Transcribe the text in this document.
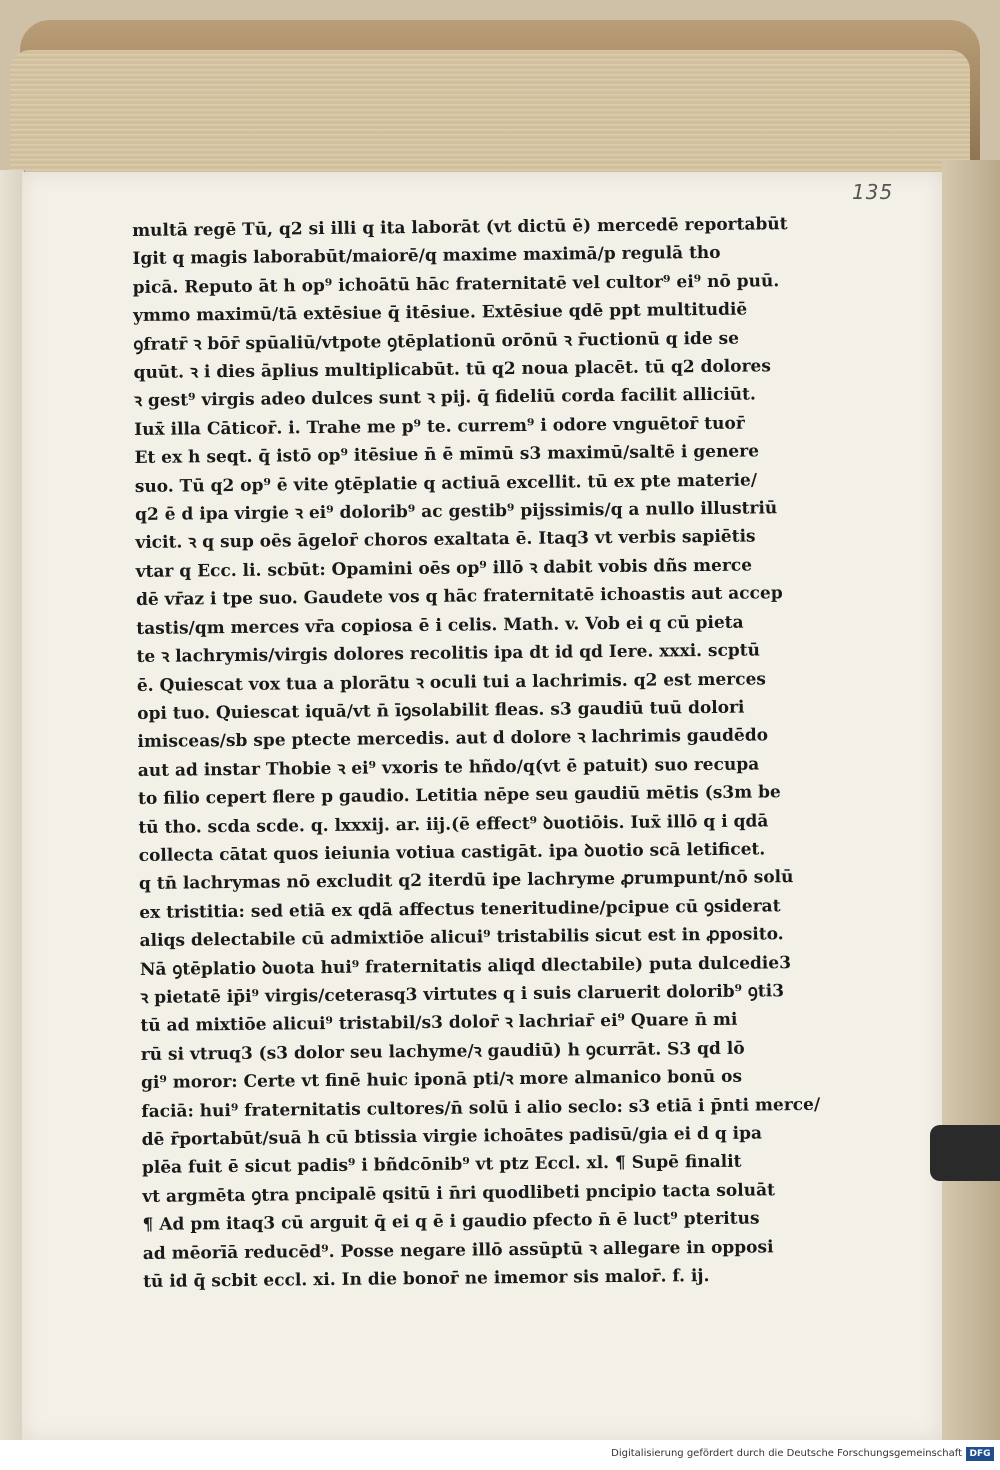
135
multā regē Tū, q2 si illi q ita laborāt (vt dictū ē) mercedē reportabūt
Igit q magis laborabūt/maiorē/q maxime maximā/p regulā tho
picā. Reputo āt h op⁹ ichoātū hāc fraternitatē vel cultor⁹ ei⁹ nō puū.
ymmo maximū/tā extēsiue q̄ itēsiue. Extēsiue qdē ppt multitudiē
ꝯfratr̄ ꝛ bōr̄ spūaliū/vtpote ꝯtēplationū orōnū ꝛ r̄uctionū q ide se
quūt. ꝛ i dies āplius multiplicabūt. tū q2 noua placēt. tū q2 dolores
ꝛ gest⁹ virgis adeo dulces sunt ꝛ pij. q̄ fideliū corda facilit alliciūt.
Iux̄ illa Cāticor̄. i. Trahe me p⁹ te. currem⁹ i odore vnguētor̄ tuor̄
Et ex h seqt. q̄ istō op⁹ itēsiue n̄ ē mīmū s3 maximū/saltē i genere
suo. Tū q2 op⁹ ē vite ꝯtēplatie q actiuā excellit. tū ex pte materie/
q2 ē d ipa virgie ꝛ ei⁹ dolorib⁹ ac gestib⁹ pijssimis/q a nullo illustriū
vicit. ꝛ q sup oēs āgelor̄ choros exaltata ē. Itaq3 vt verbis sapiētis
vtar q Ecc. li. scbūt: Opamini oēs op⁹ illō ꝛ dabit vobis dñs merce
dē vr̄az i tpe suo. Gaudete vos q hāc fraternitatē ichoastis aut accep
tastis/qm merces vr̄a copiosa ē i celis. Math. v. Vob ei q cū pieta
te ꝛ lachrymis/virgis dolores recolitis ipa dt id qd Iere. xxxi. scptū
ē. Quiescat vox tua a plorātu ꝛ oculi tui a lachrimis. q2 est merces
opi tuo. Quiescat iquā/vt n̄ īꝯsolabilit fleas. s3 gaudiū tuū dolori
imisceas/sb spe ptecte mercedis. aut d dolore ꝛ lachrimis gaudēdo
aut ad instar Thobie ꝛ ei⁹ vxoris te hñdo/q(vt ē patuit) suo recupa
to filio cepert flere p gaudio. Letitia nēpe seu gaudiū mētis (s3m be
tū tho. scda scde. q. lxxxij. ar. iij.(ē effect⁹ ꝺuotiōis. Iux̄ illō q i qdā
collecta cātat quos ieiunia votiua castigāt. ipa ꝺuotio scā letificet.
q tn̄ lachrymas nō excludit q2 iterdū ipe lachryme ꝓrumpunt/nō solū
ex tristitia: sed etiā ex qdā affectus teneritudine/pcipue cū ꝯsiderat
aliqs delectabile cū admixtiōe alicui⁹ tristabilis sicut est in ꝓposito.
Nā ꝯtēplatio ꝺuota hui⁹ fraternitatis aliqd dlectabile) puta dulcedie3
ꝛ pietatē ip̄i⁹ virgis/ceterasq3 virtutes q i suis claruerit dolorib⁹ ꝯti3
tū ad mixtiōe alicui⁹ tristabil/s3 dolor̄ ꝛ lachriar̄ ei⁹ Quare n̄ mi
rū si vtruq3 (s3 dolor seu lachyme/ꝛ gaudiū) h ꝯcurrāt. S3 qd lō
gi⁹ moror: Certe vt finē huic iponā pti/ꝛ more almanico bonū os
faciā: hui⁹ fraternitatis cultores/n̄ solū i alio seclo: s3 etiā i p̄nti merce/
dē r̄portabūt/suā h cū btissia virgie ichoātes padisū/gia ei d q ipa
plēa fuit ē sicut padis⁹ i bñdcōnib⁹ vt ptz Eccl. xl. ¶ Supē finalit
vt argmēta ꝯtra pncipalē qsitū i n̄ri quodlibeti pncipio tacta soluāt
¶ Ad pm itaq3 cū arguit q̄ ei q ē i gaudio pfecto n̄ ē luct⁹ pteritus
ad mēorīā reducēd⁹. Posse negare illō assūptū ꝛ allegare in opposi
tū id q̄ scbit eccl. xi. In die bonor̄ ne imemor sis malor̄. f. ij.
Digitalisierung gefördert durch die Deutsche Forschungsgemeinschaft DFG
